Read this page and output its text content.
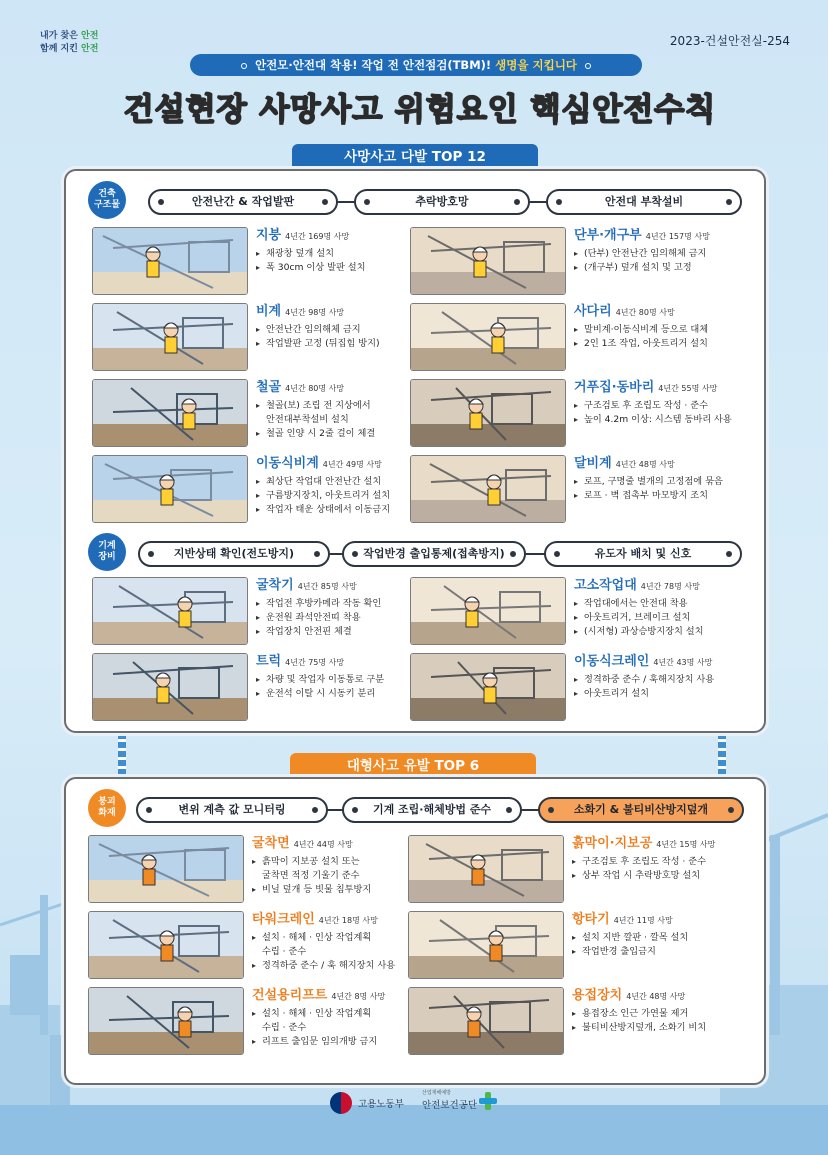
내가 찾은 안전
함께 지킨 안전
2023-건설안전실-254
안전모·안전대 착용! 작업 전 안전점검(TBM)! 생명을 지킵니다
건설현장 사망사고 위험요인 핵심안전수칙
사망사고 다발 TOP 12
건축
구조물	안전난간 & 작업발판	추락방호망	안전대 부착설비
기계
장비	지반상태 확인(전도방지)	작업반경 출입통제(접촉방지)	유도자 배치 및 신호
지붕 4년간 169명 사망
▸ 채광창 덮개 설치
▸ 폭 30cm 이상 발판 설치
단부·개구부 4년간 157명 사망
▸ (단부) 안전난간 임의해체 금지
▸ (개구부) 덮개 설치 및 고정
비계 4년간 98명 사망
▸ 안전난간 임의해체 금지
▸ 작업발판 고정 (뒤집힘 방지)
사다리 4년간 80명 사망
▸ 말비계·이동식비계 등으로 대체
▸ 2인 1조 작업, 아웃트리거 설치
철골 4년간 80명 사망
▸ 철골(보) 조립 전 지상에서
안전대부착설비 설치
▸ 철골 인양 시 2줄 걸이 체결
거푸집·동바리 4년간 55명 사망
▸ 구조검토 후 조립도 작성 · 준수
▸ 높이 4.2m 이상: 시스템 동바리 사용
이동식비계 4년간 49명 사망
▸ 최상단 작업대 안전난간 설치
▸ 구름방지장치, 아웃트리거 설치
▸ 작업자 태운 상태에서 이동금지
달비계 4년간 48명 사망
▸ 로프, 구명줄 별개의 고정점에 묶음
▸ 로프 · 벽 접촉부 마모방지 조치
굴착기 4년간 85명 사망
▸ 작업전 후방카메라 작동 확인
▸ 운전원 좌석안전띠 착용
▸ 작업장치 안전핀 체결
고소작업대 4년간 78명 사망
▸ 작업대에서는 안전대 착용
▸ 아웃트리거, 브레이크 설치
▸ (시저형) 과상승방지장치 설치
트럭 4년간 75명 사망
▸ 차량 및 작업자 이동통로 구분
▸ 운전석 이탈 시 시동키 분리
이동식크레인 4년간 43명 사망
▸ 정격하중 준수 / 훅해지장치 사용
▸ 아웃트리거 설치
대형사고 유발 TOP 6
붕괴
화재	변위 계측 값 모니터링	기계 조립·해체방법 준수	소화기 & 불티비산방지덮개
굴착면 4년간 44명 사망
▸ 흙막이 지보공 설치 또는
굴착면 적정 기울기 준수
▸ 비닐 덮개 등 빗물 침투방지
흙막이·지보공 4년간 15명 사망
▸ 구조검토 후 조립도 작성 · 준수
▸ 상부 작업 시 추락방호망 설치
타워크레인 4년간 18명 사망
▸ 설치 · 해체 · 인상 작업계획
수립 · 준수
▸ 정격하중 준수 / 훅 해지장치 사용
항타기 4년간 11명 사망
▸ 설치 지반 깔판 · 깔목 설치
▸ 작업반경 출입금지
건설용리프트 4년간 8명 사망
▸ 설치 · 해체 · 인상 작업계획
수립 · 준수
▸ 리프트 출입문 임의개방 금지
용접장치 4년간 48명 사망
▸ 용접장소 인근 가연물 제거
▸ 불티비산방지덮개, 소화기 비치
고용노동부
산업재해예방
안전보건공단
